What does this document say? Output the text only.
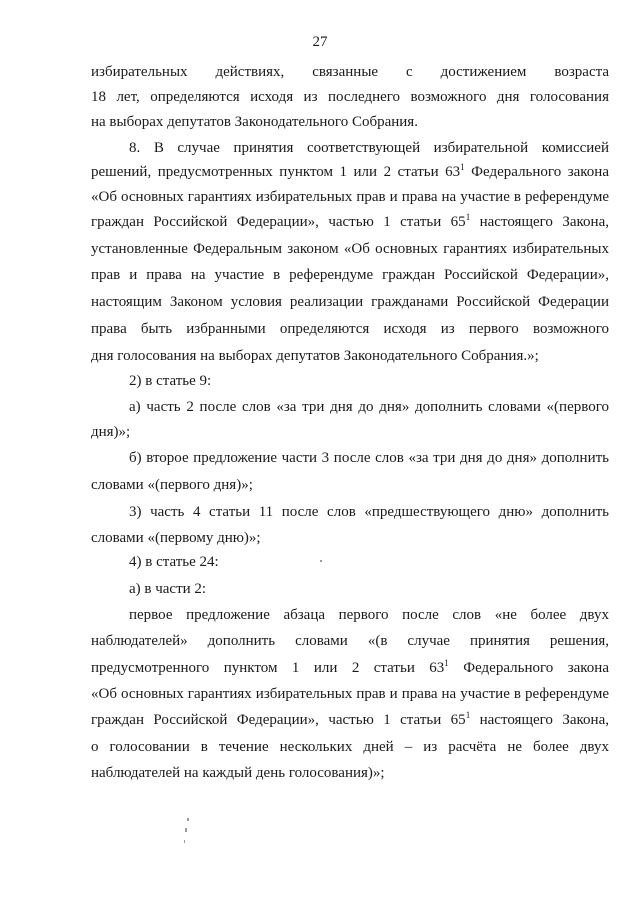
27
избирательных действиях, связанные с достижением возраста
18 лет, определяются исходя из последнего возможного дня голосования
на выборах депутатов Законодательного Собрания.
8. В случае принятия соответствующей избирательной комиссией
решений, предусмотренных пунктом 1 или 2 статьи $63^1$ Федерального закона
«Об основных гарантиях избирательных прав и права на участие в референдуме
граждан Российской Федерации», частью 1 статьи $65^1$ настоящего Закона,
установленные Федеральным законом «Об основных гарантиях избирательных
прав и права на участие в референдуме граждан Российской Федерации»,
настоящим Законом условия реализации гражданами Российской Федерации
права быть избранными определяются исходя из первого возможного
дня голосования на выборах депутатов Законодательного Собрания.»;
2) в статье 9:
а) часть 2 после слов «за три дня до дня» дополнить словами «(первого
дня)»;
б) второе предложение части 3 после слов «за три дня до дня» дополнить
словами «(первого дня)»;
3) часть 4 статьи 11 после слов «предшествующего дню» дополнить
словами «(первому дню)»;
4) в статье 24:
а) в части 2:
первое предложение абзаца первого после слов «не более двух
наблюдателей» дополнить словами «(в случае принятия решения,
предусмотренного пунктом 1 или 2 статьи $63^1$ Федерального закона
«Об основных гарантиях избирательных прав и права на участие в референдуме
граждан Российской Федерации», частью 1 статьи $65^1$ настоящего Закона,
о голосовании в течение нескольких дней – из расчёта не более двух
наблюдателей на каждый день голосования)»;
